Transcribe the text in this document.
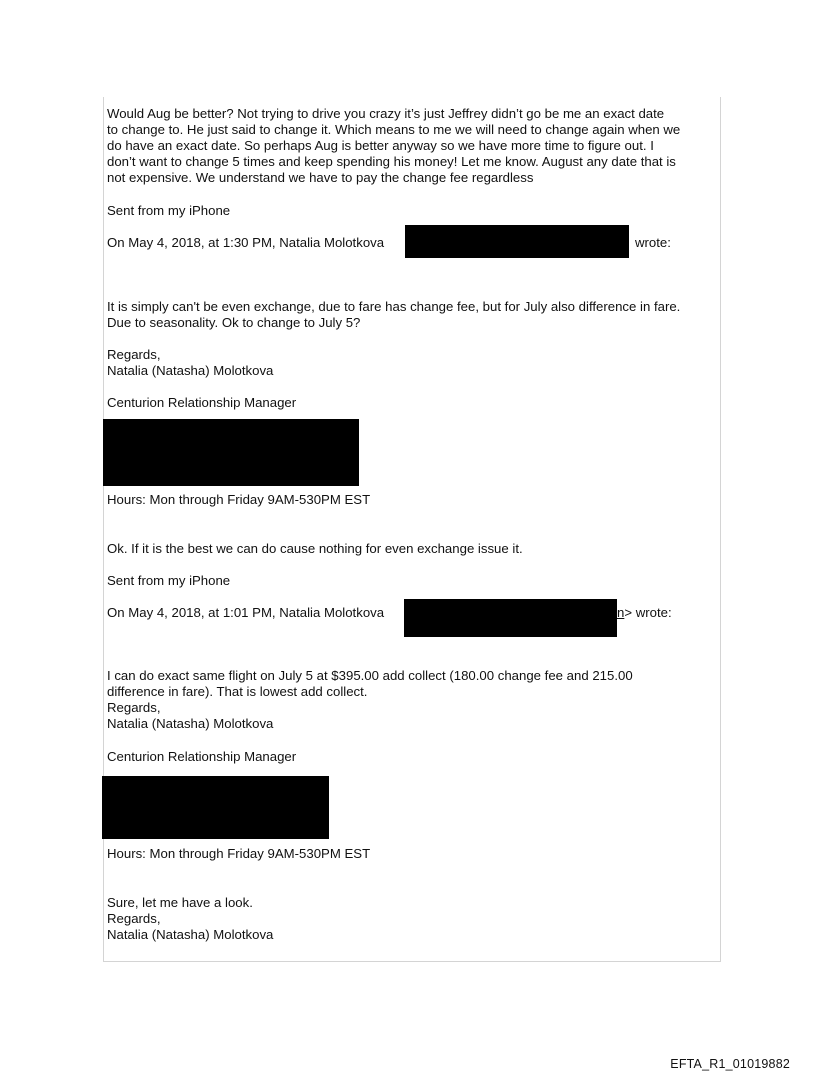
Would Aug be better? Not trying to drive you crazy it’s just Jeffrey didn’t go be me an exact date
to change to. He just said to change it. Which means to me we will need to change again when we
do have an exact date. So perhaps Aug is better anyway so we have more time to figure out. I
don’t want to change 5 times and keep spending his money! Let me know. August any date that is
not expensive. We understand we have to pay the change fee regardless
Sent from my iPhone
On May 4, 2018, at 1:30 PM, Natalia Molotkova	wrote:
It is simply can't be even exchange, due to fare has change fee, but for July also difference in fare.
Due to seasonality. Ok to change to July 5?
Regards,
Natalia (Natasha) Molotkova
Centurion Relationship Manager
Hours: Mon through Friday 9AM-530PM EST
Ok. If it is the best we can do cause nothing for even exchange issue it.
Sent from my iPhone
On May 4, 2018, at 1:01 PM, Natalia Molotkova	n> wrote:
I can do exact same flight on July 5 at $395.00 add collect (180.00 change fee and 215.00
difference in fare). That is lowest add collect.
Regards,
Natalia (Natasha) Molotkova
Centurion Relationship Manager
Hours: Mon through Friday 9AM-530PM EST
Sure, let me have a look.
Regards,
Natalia (Natasha) Molotkova
EFTA_R1_01019882
